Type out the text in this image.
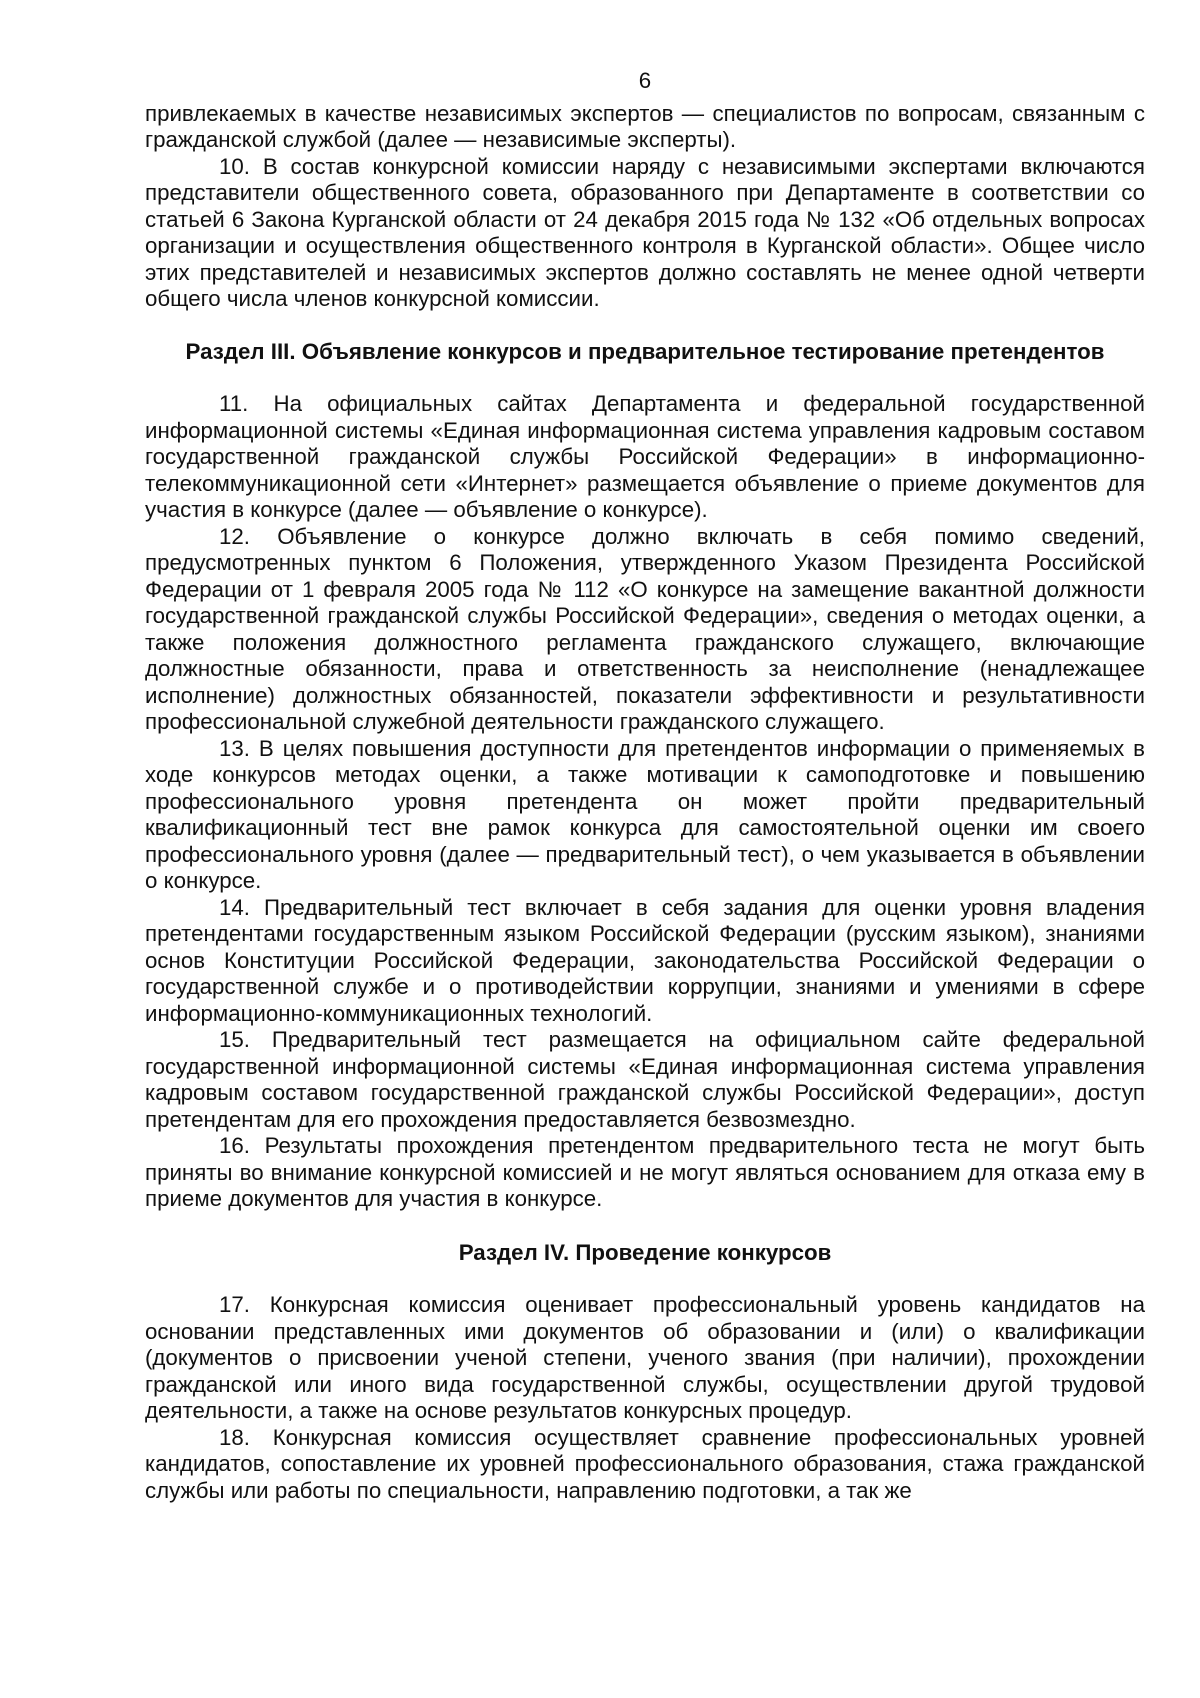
6

привлекаемых в качестве независимых экспертов — специалистов по вопросам, связанным с гражданской службой (далее — независимые эксперты).

10. В состав конкурсной комиссии наряду с независимыми экспертами включаются представители общественного совета, образованного при Департаменте в соответствии со статьей 6 Закона Курганской области от 24 декабря 2015 года № 132 «Об отдельных вопросах организации и осуществления общественного контроля в Курганской области». Общее число этих представителей и независимых экспертов должно составлять не менее одной четверти общего числа членов конкурсной комиссии.

Раздел III. Объявление конкурсов и предварительное тестирование претендентов

11. На официальных сайтах Департамента и федеральной государственной информационной системы «Единая информационная система управления кадровым составом государственной гражданской службы Российской Федерации» в информационно-телекоммуникационной сети «Интернет» размещается объявление о приеме документов для участия в конкурсе (далее — объявление о конкурсе).

12. Объявление о конкурсе должно включать в себя помимо сведений, предусмотренных пунктом 6 Положения, утвержденного Указом Президента Российской Федерации от 1 февраля 2005 года № 112 «О конкурсе на замещение вакантной должности государственной гражданской службы Российской Федерации», сведения о методах оценки, а также положения должностного регламента гражданского служащего, включающие должностные обязанности, права и ответственность за неисполнение (ненадлежащее исполнение) должностных обязанностей, показатели эффективности и результативности профессиональной служебной деятельности гражданского служащего.

13. В целях повышения доступности для претендентов информации о применяемых в ходе конкурсов методах оценки, а также мотивации к самоподготовке и повышению профессионального уровня претендента он может пройти предварительный квалификационный тест вне рамок конкурса для самостоятельной оценки им своего профессионального уровня (далее — предварительный тест), о чем указывается в объявлении о конкурсе.

14. Предварительный тест включает в себя задания для оценки уровня владения претендентами государственным языком Российской Федерации (русским языком), знаниями основ Конституции Российской Федерации, законодательства Российской Федерации о государственной службе и о противодействии коррупции, знаниями и умениями в сфере информационно-коммуникационных технологий.

15. Предварительный тест размещается на официальном сайте федеральной государственной информационной системы «Единая информационная система управления кадровым составом государственной гражданской службы Российской Федерации», доступ претендентам для его прохождения предоставляется безвозмездно.

16. Результаты прохождения претендентом предварительного теста не могут быть приняты во внимание конкурсной комиссией и не могут являться основанием для отказа ему в приеме документов для участия в конкурсе.

Раздел IV. Проведение конкурсов

17. Конкурсная комиссия оценивает профессиональный уровень кандидатов на основании представленных ими документов об образовании и (или) о квалификации (документов о присвоении ученой степени, ученого звания (при наличии), прохождении гражданской или иного вида государственной службы, осуществлении другой трудовой деятельности, а также на основе результатов конкурсных процедур.

18. Конкурсная комиссия осуществляет сравнение профессиональных уровней кандидатов, сопоставление их уровней профессионального образования, стажа гражданской службы или работы по специальности, направлению подготовки, а так же
